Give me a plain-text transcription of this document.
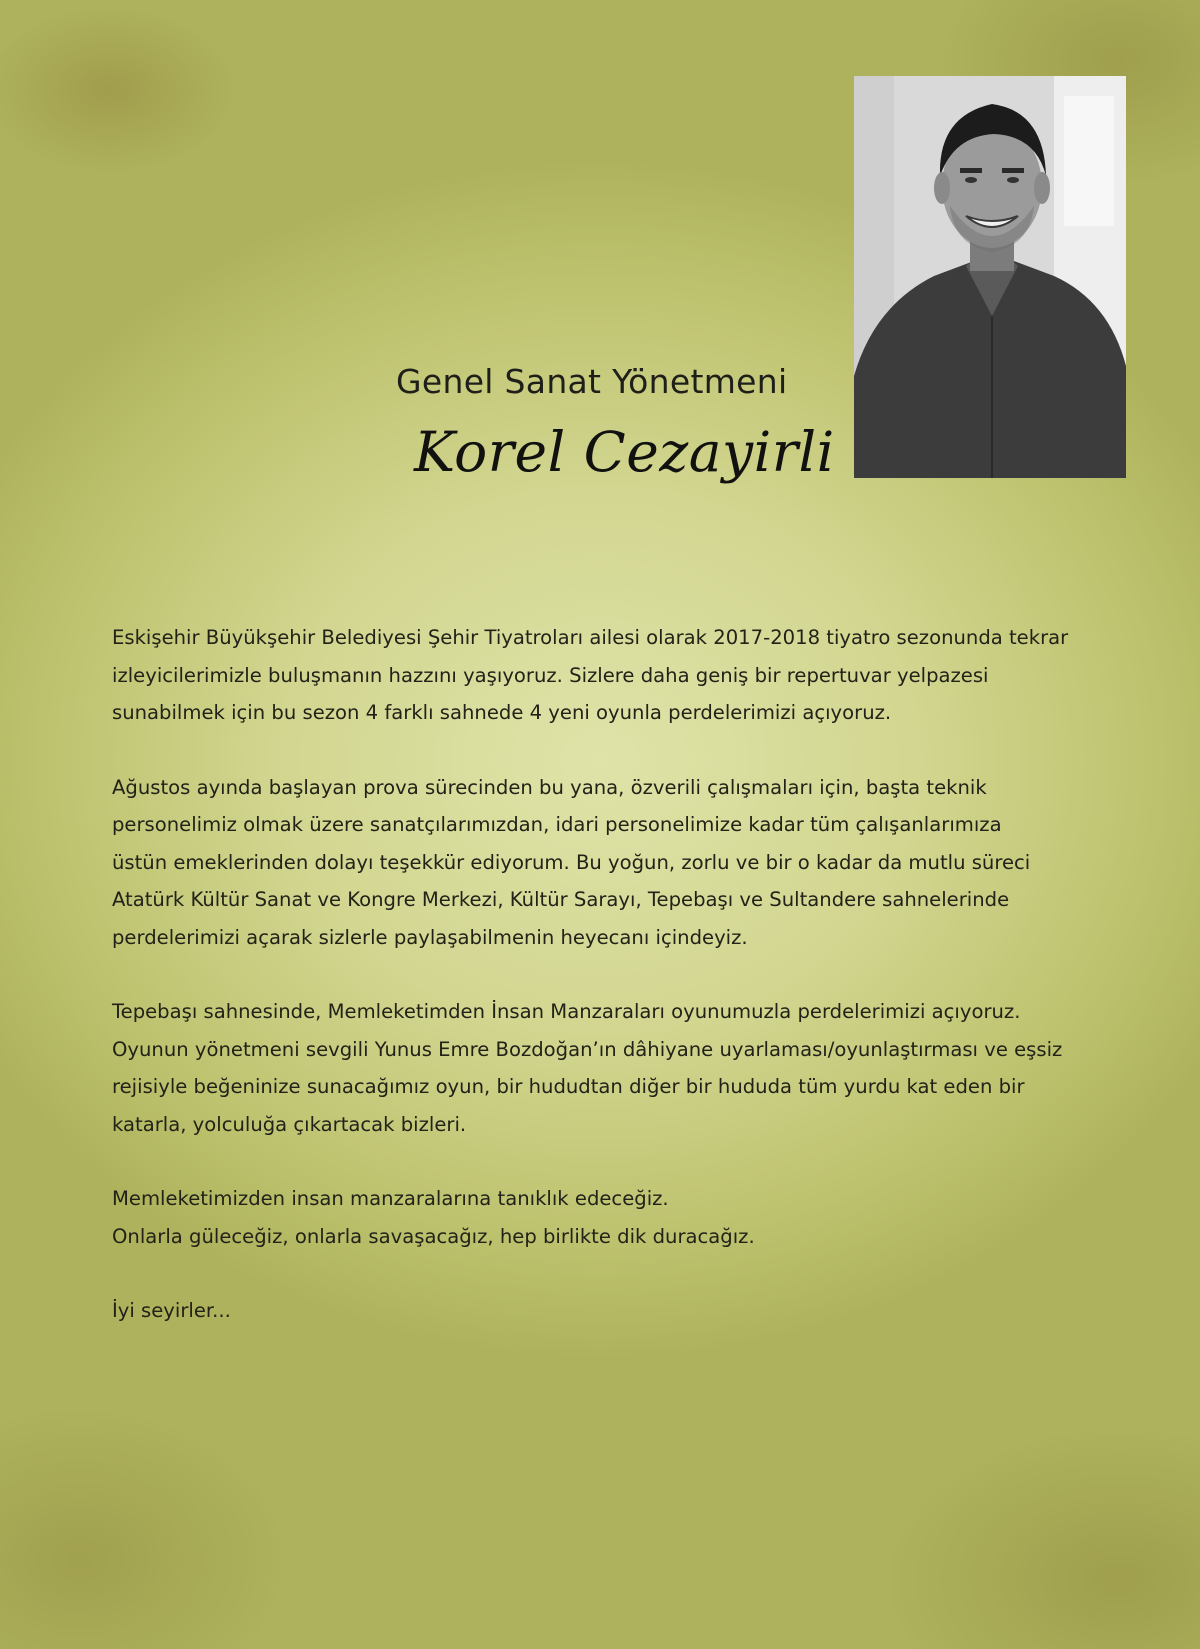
Genel Sanat Yönetmeni
Korel Cezayirli

Eskişehir Büyükşehir Belediyesi Şehir Tiyatroları ailesi olarak 2017-2018 tiyatro sezonunda tekrar
izleyicilerimizle buluşmanın hazzını yaşıyoruz. Sizlere daha geniş bir repertuvar yelpazesi
sunabilmek için bu sezon 4 farklı sahnede 4 yeni oyunla perdelerimizi açıyoruz.

Ağustos ayında başlayan prova sürecinden bu yana, özverili çalışmaları için, başta teknik
personelimiz olmak üzere sanatçılarımızdan, idari personelimize kadar tüm çalışanlarımıza
üstün emeklerinden dolayı teşekkür ediyorum. Bu yoğun, zorlu ve bir o kadar da mutlu süreci
Atatürk Kültür Sanat ve Kongre Merkezi, Kültür Sarayı, Tepebaşı ve Sultandere sahnelerinde
perdelerimizi açarak sizlerle paylaşabilmenin heyecanı içindeyiz.

Tepebaşı sahnesinde, Memleketimden İnsan Manzaraları oyunumuzla perdelerimizi açıyoruz.
Oyunun yönetmeni sevgili Yunus Emre Bozdoğan’ın dâhiyane uyarlaması/oyunlaştırması ve eşsiz
rejisiyle beğeninize sunacağımız oyun, bir hududtan diğer bir hududa tüm yurdu kat eden bir
katarla, yolculuğa çıkartacak bizleri.

Memleketimizden insan manzaralarına tanıklık edeceğiz.
Onlarla güleceğiz, onlarla savaşacağız, hep birlikte dik duracağız.

İyi seyirler...
